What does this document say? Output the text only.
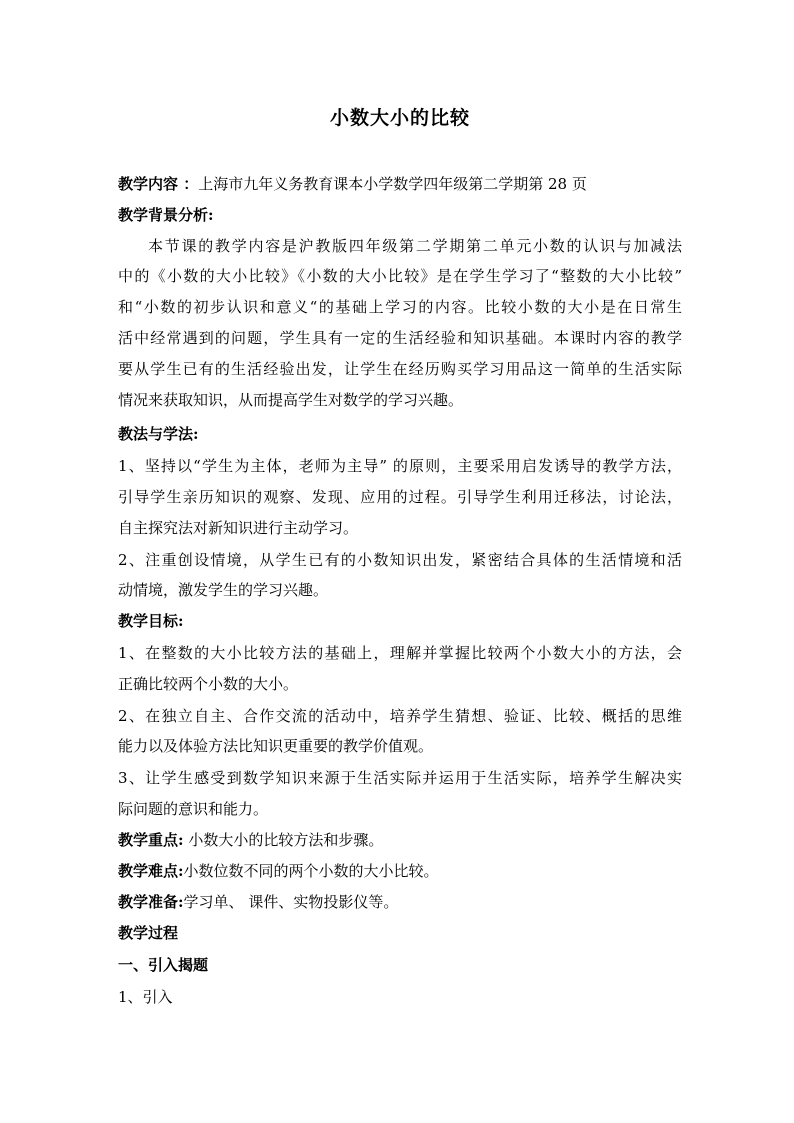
小数大小的比较
教学内容 ：上海市九年义务教育课本小学数学四年级第二学期第 28 页
教学背景分析:
本节课的教学内容是沪教版四年级第二学期第二单元小数的认识与加减法
中的《小数的大小比较》《小数的大小比较》是在学生学习了“整数的大小比较”
和“小数的初步认识和意义“的基础上学习的内容。比较小数的大小是在日常生
活中经常遇到的问题，学生具有一定的生活经验和知识基础。本课时内容的教学
要从学生已有的生活经验出发，让学生在经历购买学习用品这一简单的生活实际
情况来获取知识，从而提高学生对数学的学习兴趣。
教法与学法:
1、坚持以“学生为主体，老师为主导” 的原则，主要采用启发诱导的教学方法，
引导学生亲历知识的观察、发现、应用的过程。引导学生利用迁移法，讨论法，
自主探究法对新知识进行主动学习。
2、注重创设情境，从学生已有的小数知识出发，紧密结合具体的生活情境和活
动情境，激发学生的学习兴趣。
教学目标:
1、在整数的大小比较方法的基础上，理解并掌握比较两个小数大小的方法，会
正确比较两个小数的大小。
2、在独立自主、合作交流的活动中，培养学生猜想、验证、比较、概括的思维
能力以及体验方法比知识更重要的教学价值观。
3、让学生感受到数学知识来源于生活实际并运用于生活实际，培养学生解决实
际问题的意识和能力。
教学重点: 小数大小的比较方法和步骤。
教学难点:小数位数不同的两个小数的大小比较。
教学准备:学习单、 课件、实物投影仪等。
教学过程
一、引入揭题
1、引入
